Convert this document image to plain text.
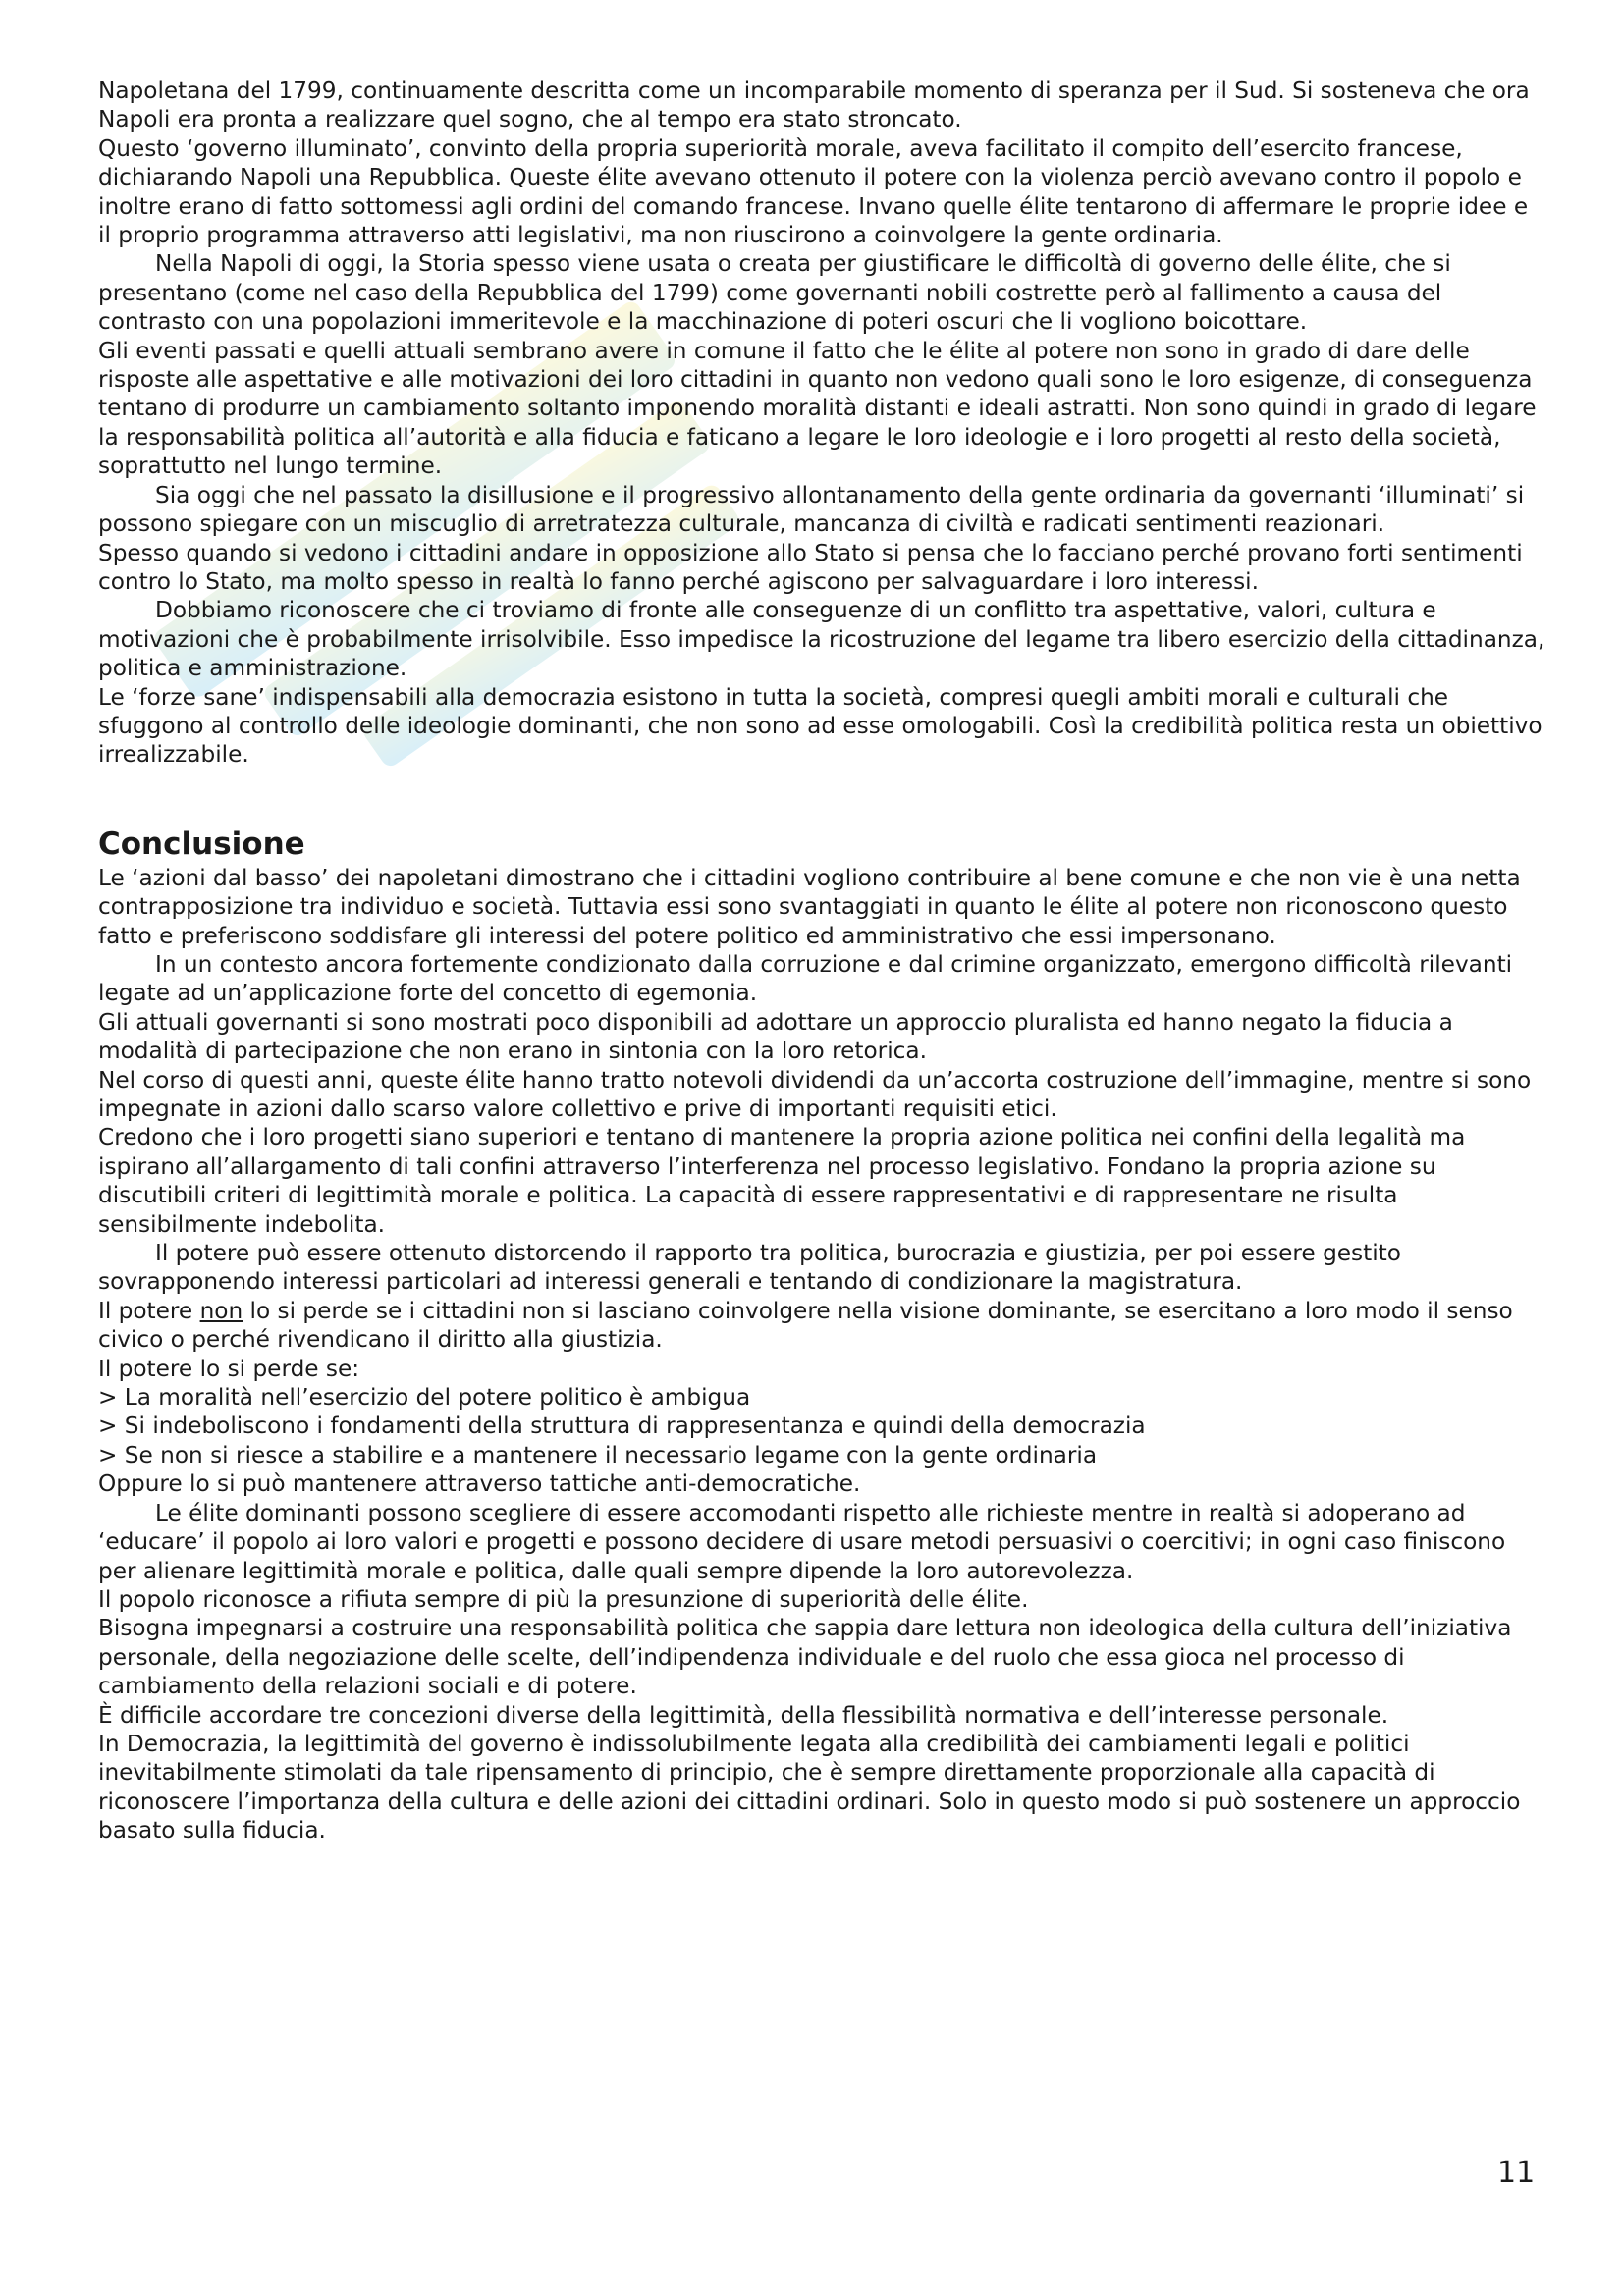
Napoletana del 1799, continuamente descritta come un incomparabile momento di speranza per il Sud. Si sosteneva che ora Napoli era pronta a realizzare quel sogno, che al tempo era stato stroncato.

Questo ‘governo illuminato’, convinto della propria superiorità morale, aveva facilitato il compito dell’esercito francese, dichiarando Napoli una Repubblica. Queste élite avevano ottenuto il potere con la violenza perciò avevano contro il popolo e inoltre erano di fatto sottomessi agli ordini del comando francese. Invano quelle élite tentarono di affermare le proprie idee e il proprio programma attraverso atti legislativi, ma non riuscirono a coinvolgere la gente ordinaria.

Nella Napoli di oggi, la Storia spesso viene usata o creata per giustificare le difficoltà di governo delle élite, che si presentano (come nel caso della Repubblica del 1799) come governanti nobili costrette però al fallimento a causa del contrasto con una popolazioni immeritevole e la macchinazione di poteri oscuri che li vogliono boicottare.

Gli eventi passati e quelli attuali sembrano avere in comune il fatto che le élite al potere non sono in grado di dare delle risposte alle aspettative e alle motivazioni dei loro cittadini in quanto non vedono quali sono le loro esigenze, di conseguenza tentano di produrre un cambiamento soltanto imponendo moralità distanti e ideali astratti. Non sono quindi in grado di legare la responsabilità politica all’autorità e alla fiducia e faticano a legare le loro ideologie e i loro progetti al resto della società, soprattutto nel lungo termine.

Sia oggi che nel passato la disillusione e il progressivo allontanamento della gente ordinaria da governanti ‘illuminati’ si possono spiegare con un miscuglio di arretratezza culturale, mancanza di civiltà e radicati sentimenti reazionari.

Spesso quando si vedono i cittadini andare in opposizione allo Stato si pensa che lo facciano perché provano forti sentimenti contro lo Stato, ma molto spesso in realtà lo fanno perché agiscono per salvaguardare i loro interessi.

Dobbiamo riconoscere che ci troviamo di fronte alle conseguenze di un conflitto tra aspettative, valori, cultura e motivazioni che è probabilmente irrisolvibile. Esso impedisce la ricostruzione del legame tra libero esercizio della cittadinanza, politica e amministrazione.

Le ‘forze sane’ indispensabili alla democrazia esistono in tutta la società, compresi quegli ambiti morali e culturali che sfuggono al controllo delle ideologie dominanti, che non sono ad esse omologabili. Così la credibilità politica resta un obiettivo irrealizzabile.

Conclusione

Le ‘azioni dal basso’ dei napoletani dimostrano che i cittadini vogliono contribuire al bene comune e che non vie è una netta contrapposizione tra individuo e società. Tuttavia essi sono svantaggiati in quanto le élite al potere non riconoscono questo fatto e preferiscono soddisfare gli interessi del potere politico ed amministrativo che essi impersonano.

In un contesto ancora fortemente condizionato dalla corruzione e dal crimine organizzato, emergono difficoltà rilevanti legate ad un’applicazione forte del concetto di egemonia.

Gli attuali governanti si sono mostrati poco disponibili ad adottare un approccio pluralista ed hanno negato la fiducia a modalità di partecipazione che non erano in sintonia con la loro retorica.

Nel corso di questi anni, queste élite hanno tratto notevoli dividendi da un’accorta costruzione dell’immagine, mentre si sono impegnate in azioni dallo scarso valore collettivo e prive di importanti requisiti etici.

Credono che i loro progetti siano superiori e tentano di mantenere la propria azione politica nei confini della legalità ma ispirano all’allargamento di tali confini attraverso l’interferenza nel processo legislativo. Fondano la propria azione su discutibili criteri di legittimità morale e politica. La capacità di essere rappresentativi e di rappresentare ne risulta sensibilmente indebolita.

Il potere può essere ottenuto distorcendo il rapporto tra politica, burocrazia e giustizia, per poi essere gestito sovrapponendo interessi particolari ad interessi generali e tentando di condizionare la magistratura.

Il potere non lo si perde se i cittadini non si lasciano coinvolgere nella visione dominante, se esercitano a loro modo il senso civico o perché rivendicano il diritto alla giustizia.

Il potere lo si perde se:

> La moralità nell’esercizio del potere politico è ambigua

> Si indeboliscono i fondamenti della struttura di rappresentanza e quindi della democrazia

> Se non si riesce a stabilire e a mantenere il necessario legame con la gente ordinaria

Oppure lo si può mantenere attraverso tattiche anti-democratiche.

Le élite dominanti possono scegliere di essere accomodanti rispetto alle richieste mentre in realtà si adoperano ad ‘educare’ il popolo ai loro valori e progetti e possono decidere di usare metodi persuasivi o coercitivi; in ogni caso finiscono per alienare legittimità morale e politica, dalle quali sempre dipende la loro autorevolezza.

Il popolo riconosce a rifiuta sempre di più la presunzione di superiorità delle élite.

Bisogna impegnarsi a costruire una responsabilità politica che sappia dare lettura non ideologica della cultura dell’iniziativa personale, della negoziazione delle scelte, dell’indipendenza individuale e del ruolo che essa gioca nel processo di cambiamento della relazioni sociali e di potere.

È difficile accordare tre concezioni diverse della legittimità, della flessibilità normativa e dell’interesse personale.

In Democrazia, la legittimità del governo è indissolubilmente legata alla credibilità dei cambiamenti legali e politici inevitabilmente stimolati da tale ripensamento di principio, che è sempre direttamente proporzionale alla capacità di riconoscere l’importanza della cultura e delle azioni dei cittadini ordinari. Solo in questo modo si può sostenere un approccio basato sulla fiducia.

11
